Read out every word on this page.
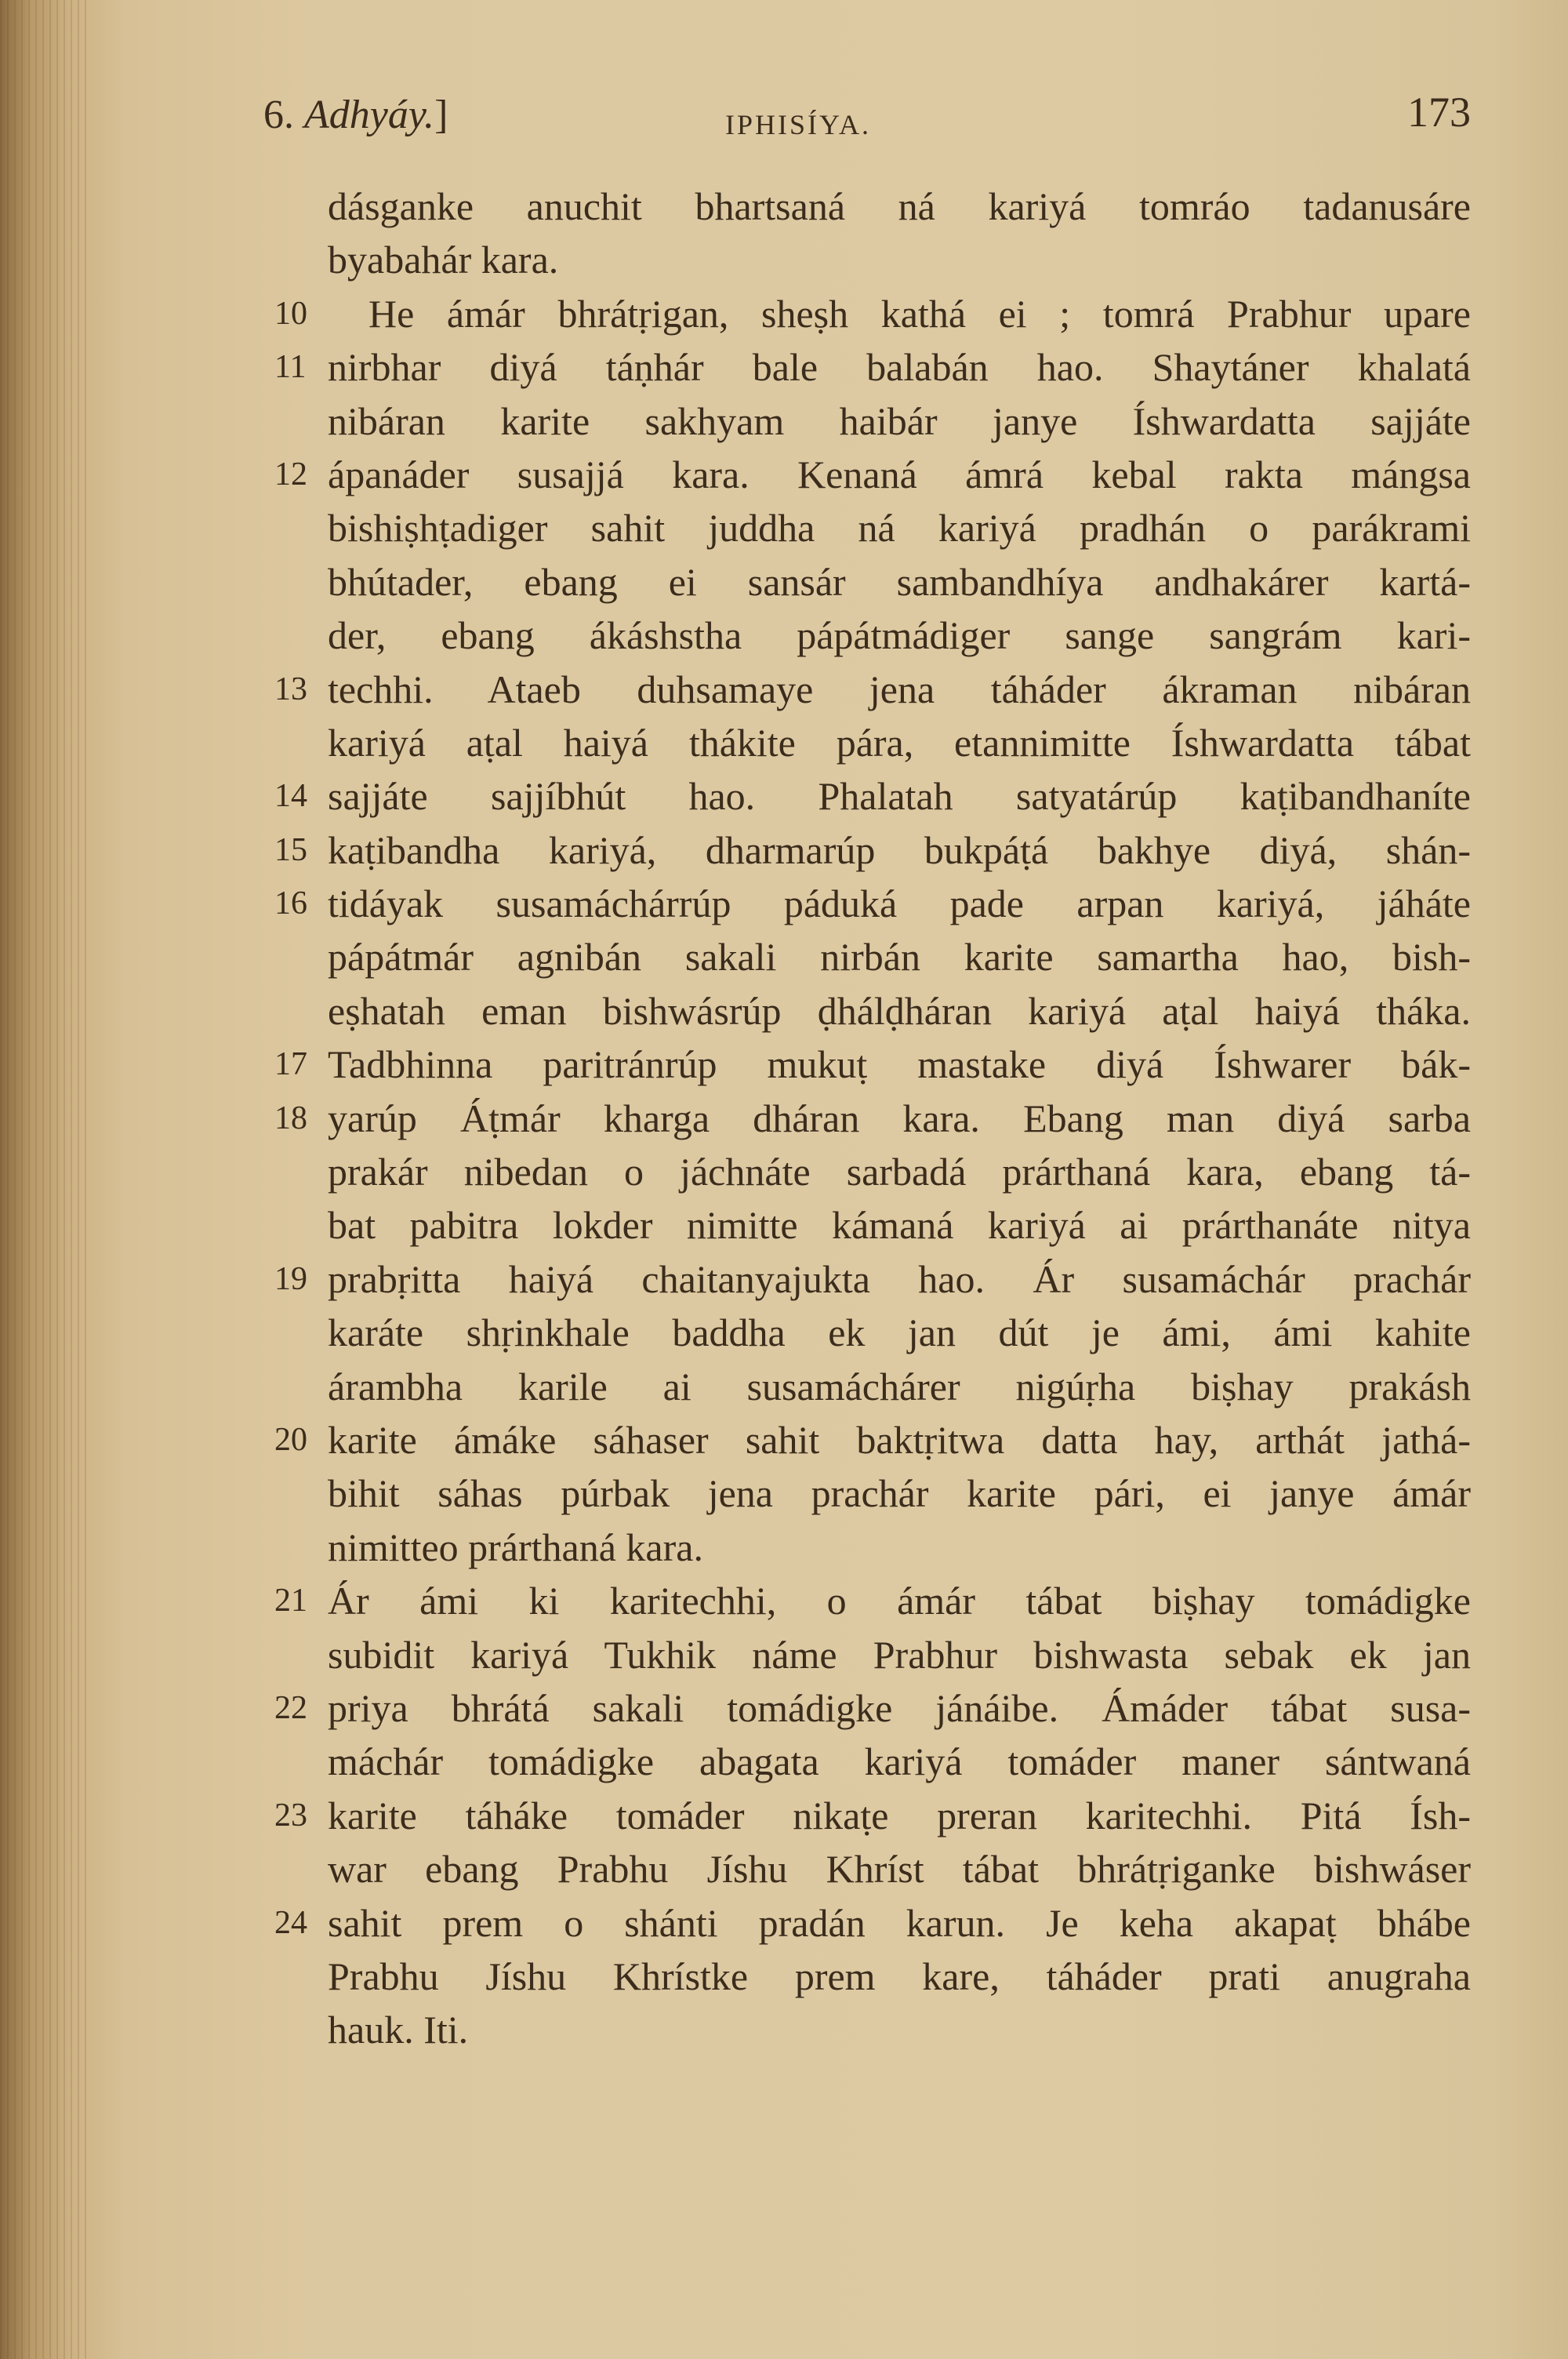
6. Adhyáy.]	IPHISÍYA.	173
dásganke anuchit bhartsaná ná kariyá tomráo tadanusáre
byabahár kara.
10	He ámár bhrátṛigan, sheṣh kathá ei ; tomrá Prabhur upare
11 nirbhar diyá táṇhár bale balabán hao. Shaytáner khalatá
nibáran karite sakhyam haibár janye Íshwardatta sajjáte
12 ápanáder susajjá kara. Kenaná ámrá kebal rakta mángsa
bishiṣhṭadiger sahit juddha ná kariyá pradhán o parákrami
bhútader, ebang ei sansár sambandhíya andhakárer kartá-
der, ebang ákáshstha pápátmádiger sange sangrám kari-
13 techhi. Ataeb duhsamaye jena táháder ákraman nibáran
kariyá aṭal haiyá thákite pára, etannimitte Íshwardatta tábat
14 sajjáte sajjíbhút hao. Phalatah satyatárúp kaṭibandhaníte
15 kaṭibandha kariyá, dharmarúp bukpáṭá bakhye diyá, shán-
16 tidáyak susamáchárrúp páduká pade arpan kariyá, jáháte
pápátmár agnibán sakali nirbán karite samartha hao, bish-
eṣhatah eman bishwásrúp ḍhálḍháran kariyá aṭal haiyá tháka.
17 Tadbhinna paritránrúp mukuṭ mastake diyá Íshwarer bák-
18 yarúp Áṭmár kharga dháran kara. Ebang man diyá sarba
prakár nibedan o jáchnáte sarbadá prárthaná kara, ebang tá-
bat pabitra lokder nimitte kámaná kariyá ai prárthanáte nitya
19 prabṛitta haiyá chaitanyajukta hao. Ár susamáchár prachár
karáte shṛinkhale baddha ek jan dút je ámi, ámi kahite
árambha karile ai susamáchárer nigúṛha biṣhay prakásh
20 karite ámáke sáhaser sahit baktṛitwa datta hay, arthát jathá-
bihit sáhas púrbak jena prachár karite pári, ei janye ámár
nimitteo prárthaná kara.
21 Ár ámi ki karitechhi, o ámár tábat biṣhay tomádigke
subidit kariyá Tukhik náme Prabhur bishwasta sebak ek jan
22 priya bhrátá sakali tomádigke jánáibe. Ámáder tábat susa-
máchár tomádigke abagata kariyá tomáder maner sántwaná
23 karite táháke tomáder nikaṭe preran karitechhi. Pitá Ísh-
war ebang Prabhu Jíshu Khríst tábat bhrátṛiganke bishwáser
24 sahit prem o shánti pradán karun. Je keha akapaṭ bhábe
Prabhu Jíshu Khrístke prem kare, táháder prati anugraha
hauk. Iti.
